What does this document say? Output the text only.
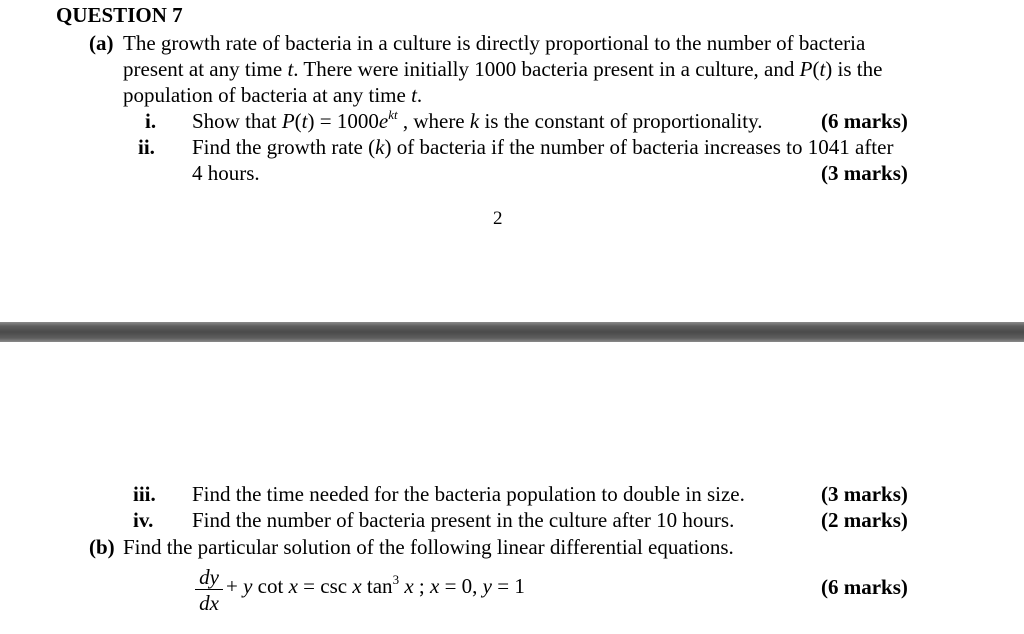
QUESTION 7
(a) The growth rate of bacteria in a culture is directly proportional to the number of bacteria
present at any time t. There were initially 1000 bacteria present in a culture, and P(t) is the
population of bacteria at any time t.
i. Show that $P(t) = 1000e^{kt}$ , where k is the constant of proportionality.	(6 marks)
ii. Find the growth rate (k) of bacteria if the number of bacteria increases to 1041 after
4 hours.	(3 marks)
2
iii. Find the time needed for the bacteria population to double in size.	(3 marks)
iv. Find the number of bacteria present in the culture after 10 hours.	(2 marks)
(b) Find the particular solution of the following linear differential equations.
dy
dx
+ y cot x = csc x $\tan^3 x$ ; x = 0, y = 1	(6 marks)
